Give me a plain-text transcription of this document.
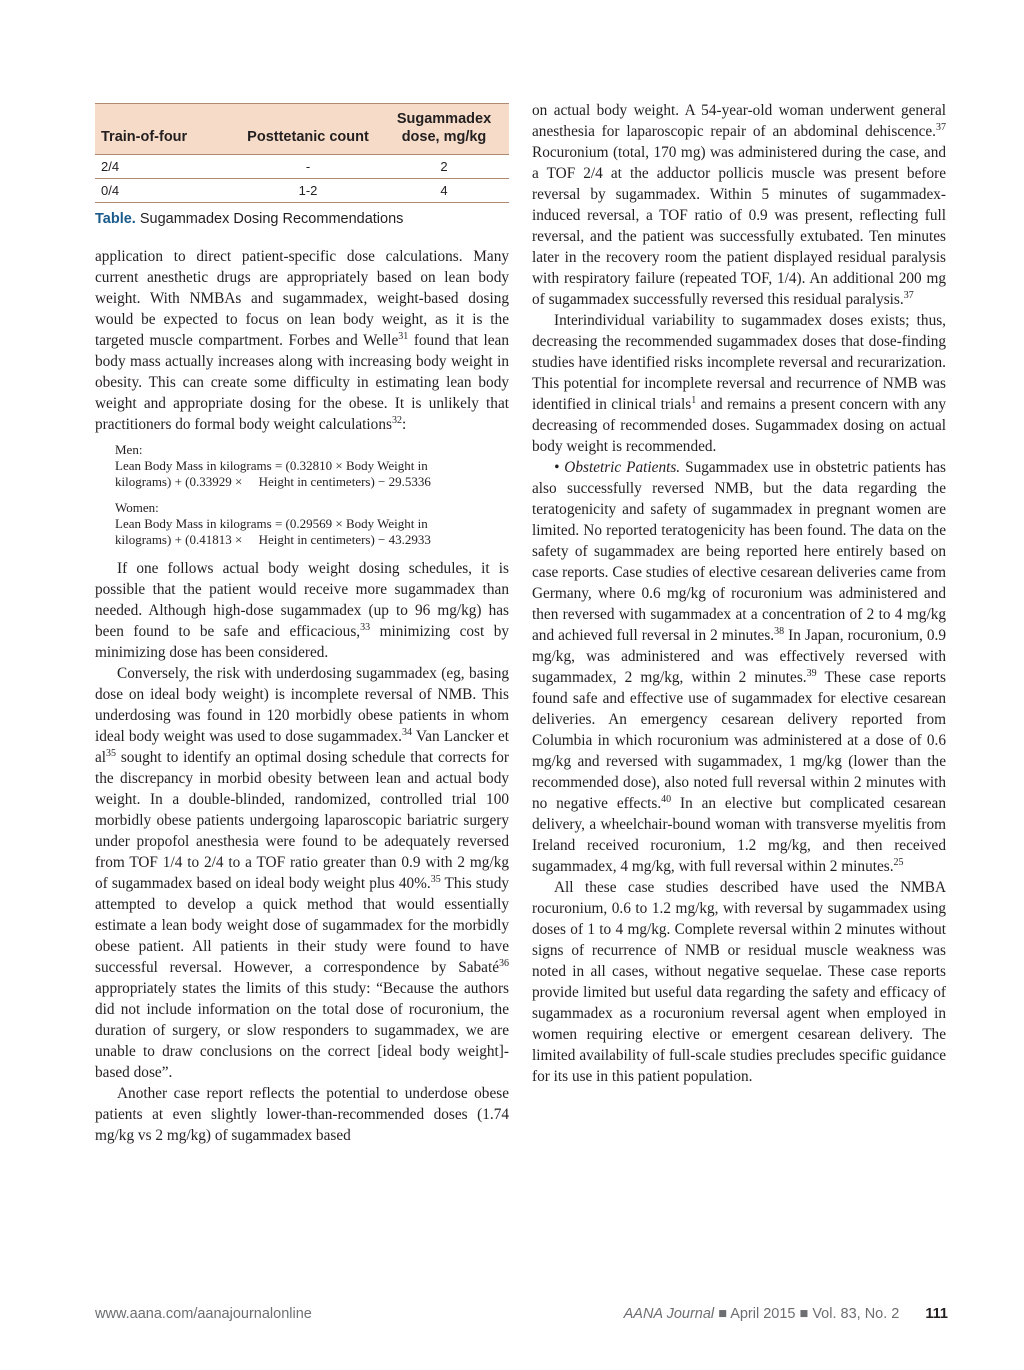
Train-of-four	Posttetanic count	Sugammadex dose, mg/kg
2/4	-	2
0/4	1-2	4
Table. Sugammadex Dosing Recommendations

application to direct patient-specific dose calculations. Many current anesthetic drugs are appropriately based on lean body weight. With NMBAs and sugammadex, weight-based dosing would be expected to focus on lean body weight, as it is the targeted muscle compartment. Forbes and Welle$^{31}$ found that lean body mass actually increases along with increasing body weight in obesity. This can create some difficulty in estimating lean body weight and appropriate dosing for the obese. It is unlikely that practitioners do formal body weight calculations$^{32}$:

Men:
Lean Body Mass in kilograms = (0.32810 × Body Weight in
kilograms) + (0.33929 ×     Height in centimeters) − 29.5336
Women:
Lean Body Mass in kilograms = (0.29569 × Body Weight in
kilograms) + (0.41813 ×     Height in centimeters) − 43.2933

If one follows actual body weight dosing schedules, it is possible that the patient would receive more sugammadex than needed. Although high-dose sugammadex (up to 96 mg/kg) has been found to be safe and efficacious,$^{33}$ minimizing cost by minimizing dose has been considered.

Conversely, the risk with underdosing sugammadex (eg, basing dose on ideal body weight) is incomplete reversal of NMB. This underdosing was found in 120 morbidly obese patients in whom ideal body weight was used to dose sugammadex.$^{34}$ Van Lancker et $al^{35}$ sought to identify an optimal dosing schedule that corrects for the discrepancy in morbid obesity between lean and actual body weight. In a double-blinded, randomized, controlled trial 100 morbidly obese patients undergoing laparoscopic bariatric surgery under propofol anesthesia were found to be adequately reversed from TOF 1/4 to 2/4 to a TOF ratio greater than 0.9 with 2 mg/kg of sugammadex based on ideal body weight plus 40%.$^{35}$ This study attempted to develop a quick method that would essentially estimate a lean body weight dose of sugammadex for the morbidly obese patient. All patients in their study were found to have successful reversal. However, a correspondence by Sabaté$^{36}$ appropriately states the limits of this study: “Because the authors did not include information on the total dose of rocuronium, the duration of surgery, or slow responders to sugammadex, we are unable to draw conclusions on the correct [ideal body weight]-based dose”.

Another case report reflects the potential to underdose obese patients at even slightly lower-than-recommended doses (1.74 mg/kg vs 2 mg/kg) of sugammadex based

on actual body weight. A 54-year-old woman underwent general anesthesia for laparoscopic repair of an abdominal dehiscence.$^{37}$ Rocuronium (total, 170 mg) was administered during the case, and a TOF 2/4 at the adductor pollicis muscle was present before reversal by sugammadex. Within 5 minutes of sugammadex-induced reversal, a TOF ratio of 0.9 was present, reflecting full reversal, and the patient was successfully extubated. Ten minutes later in the recovery room the patient displayed residual paralysis with respiratory failure (repeated TOF, 1/4). An additional 200 mg of sugammadex successfully reversed this residual paralysis.$^{37}$

Interindividual variability to sugammadex doses exists; thus, decreasing the recommended sugammadex doses that dose-finding studies have identified risks incomplete reversal and recurarization. This potential for incomplete reversal and recurrence of NMB was identified in clinical trials$^1$ and remains a present concern with any decreasing of recommended doses. Sugammadex dosing on actual body weight is recommended.

• Obstetric Patients. Sugammadex use in obstetric patients has also successfully reversed NMB, but the data regarding the teratogenicity and safety of sugammadex in pregnant women are limited. No reported teratogenicity has been found. The data on the safety of sugammadex are being reported here entirely based on case reports. Case studies of elective cesarean deliveries came from Germany, where 0.6 mg/kg of rocuronium was administered and then reversed with sugammadex at a concentration of 2 to 4 mg/kg and achieved full reversal in 2 minutes.$^{38}$ In Japan, rocuronium, 0.9 mg/kg, was administered and was effectively reversed with sugammadex, 2 mg/kg, within 2 minutes.$^{39}$ These case reports found safe and effective use of sugammadex for elective cesarean deliveries. An emergency cesarean delivery reported from Columbia in which rocuronium was administered at a dose of 0.6 mg/kg and reversed with sugammadex, 1 mg/kg (lower than the recommended dose), also noted full reversal within 2 minutes with no negative effects.$^{40}$ In an elective but complicated cesarean delivery, a wheelchair-bound woman with transverse myelitis from Ireland received rocuronium, 1.2 mg/kg, and then received sugammadex, 4 mg/kg, with full reversal within 2 minutes.$^{25}$

All these case studies described have used the NMBA rocuronium, 0.6 to 1.2 mg/kg, with reversal by sugammadex using doses of 1 to 4 mg/kg. Complete reversal within 2 minutes without signs of recurrence of NMB or residual muscle weakness was noted in all cases, without negative sequelae. These case reports provide limited but useful data regarding the safety and efficacy of sugammadex as a rocuronium reversal agent when employed in women requiring elective or emergent cesarean delivery. The limited availability of full-scale studies precludes specific guidance for its use in this patient population.

www.aana.com/aanajournalonline	AANA Journal ■ April 2015 ■ Vol. 83, No. 2 111
